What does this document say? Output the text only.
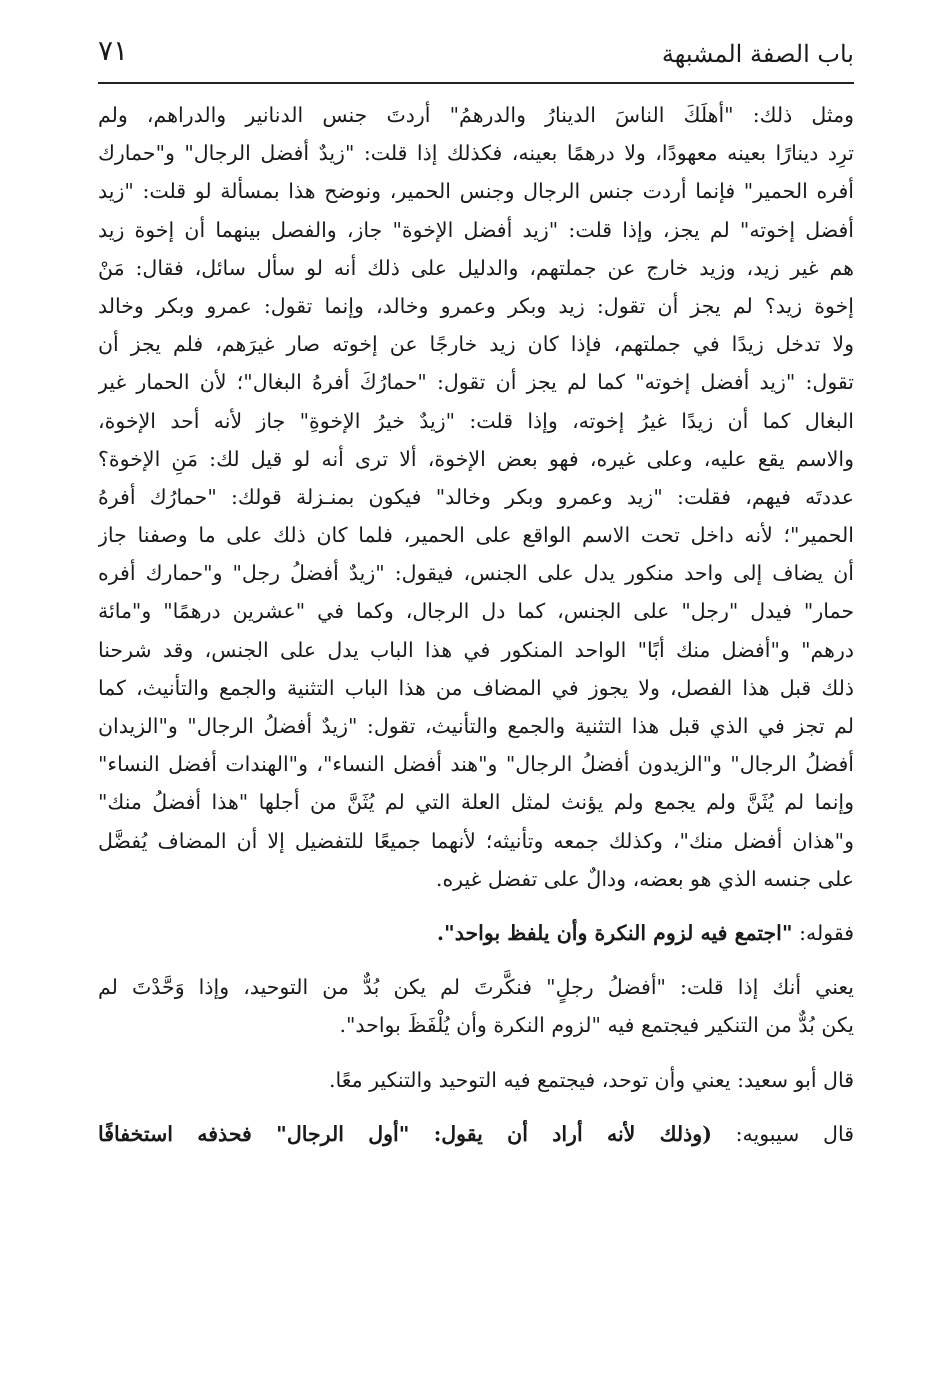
٧١	باب الصفة المشبهة
ومثل ذلك: "أهلَكَ الناسَ الدينارُ والدرهمُ" أردتَ جنس الدنانير والدراهم، ولم
ترِد دينارًا بعينه معهودًا، ولا درهمًا بعينه، فكذلك إذا قلت: "زيدٌ أفضل الرجال" و"حمارك
أفره الحمير" فإنما أردت جنس الرجال وجنس الحمير، ونوضح هذا بمسألة لو قلت: "زيد
أفضل إخوته" لم يجز، وإذا قلت: "زيد أفضل الإخوة" جاز، والفصل بينهما أن إخوة زيد
هم غير زيد، وزيد خارج عن جملتهم، والدليل على ذلك أنه لو سأل سائل، فقال: مَنْ
إخوة زيد؟ لم يجز أن تقول: زيد وبكر وعمرو وخالد، وإنما تقول: عمرو وبكر وخالد
ولا تدخل زيدًا في جملتهم، فإذا كان زيد خارجًا عن إخوته صار غيرَهم، فلم يجز أن
تقول: "زيد أفضل إخوته" كما لم يجز أن تقول: "حمارُكَ أفرهُ البغال"؛ لأن الحمار غير
البغال كما أن زيدًا غيرُ إخوته، وإذا قلت: "زيدٌ خيرُ الإخوةِ" جاز لأنه أحد الإخوة،
والاسم يقع عليه، وعلى غيره، فهو بعض الإخوة، ألا ترى أنه لو قيل لك: مَنِ الإخوة؟
عددتَه فيهم، فقلت: "زيد وعمرو وبكر وخالد" فيكون بمنـزلة قولك: "حمارُك أفرهُ
الحمير"؛ لأنه داخل تحت الاسم الواقع على الحمير، فلما كان ذلك على ما وصفنا جاز
أن يضاف إلى واحد منكور يدل على الجنس، فيقول: "زيدٌ أفضلُ رجل" و"حمارك أفره
حمار" فيدل "رجل" على الجنس، كما دل الرجال، وكما في "عشرين درهمًا" و"مائة
درهم" و"أفضل منك أبًا" الواحد المنكور في هذا الباب يدل على الجنس، وقد شرحنا
ذلك قبل هذا الفصل، ولا يجوز في المضاف من هذا الباب التثنية والجمع والتأنيث، كما
لم تجز في الذي قبل هذا التثنية والجمع والتأنيث، تقول: "زيدٌ أفضلُ الرجال" و"الزيدان
أفضلُ الرجال" و"الزيدون أفضلُ الرجال" و"هند أفضل النساء"، و"الهندات أفضل النساء"
وإنما لم يُثَنَّ ولم يجمع ولم يؤنث لمثل العلة التي لم يُثَنَّ من أجلها "هذا أفضلُ منك"
و"هذان أفضل منك"، وكذلك جمعه وتأنيثه؛ لأنهما جميعًا للتفضيل إلا أن المضاف يُفضَّل
على جنسه الذي هو بعضه، ودالٌ على تفضل غيره.
فقوله: "اجتمع فيه لزوم النكرة وأن يلفظ بواحد".
يعني أنك إذا قلت: "أفضلُ رجلٍ" فنكَّرتَ لم يكن بُدٌّ من التوحيد، وإذا وَحَّدْتَ لم
يكن بُدٌّ من التنكير فيجتمع فيه "لزوم النكرة وأن يُلْفَظَ بواحد".
قال أبو سعيد: يعني وأن توحد، فيجتمع فيه التوحيد والتنكير معًا.
قال سيبويه: (وذلك لأنه أراد أن يقول: "أول الرجال" فحذفه استخفافًا
